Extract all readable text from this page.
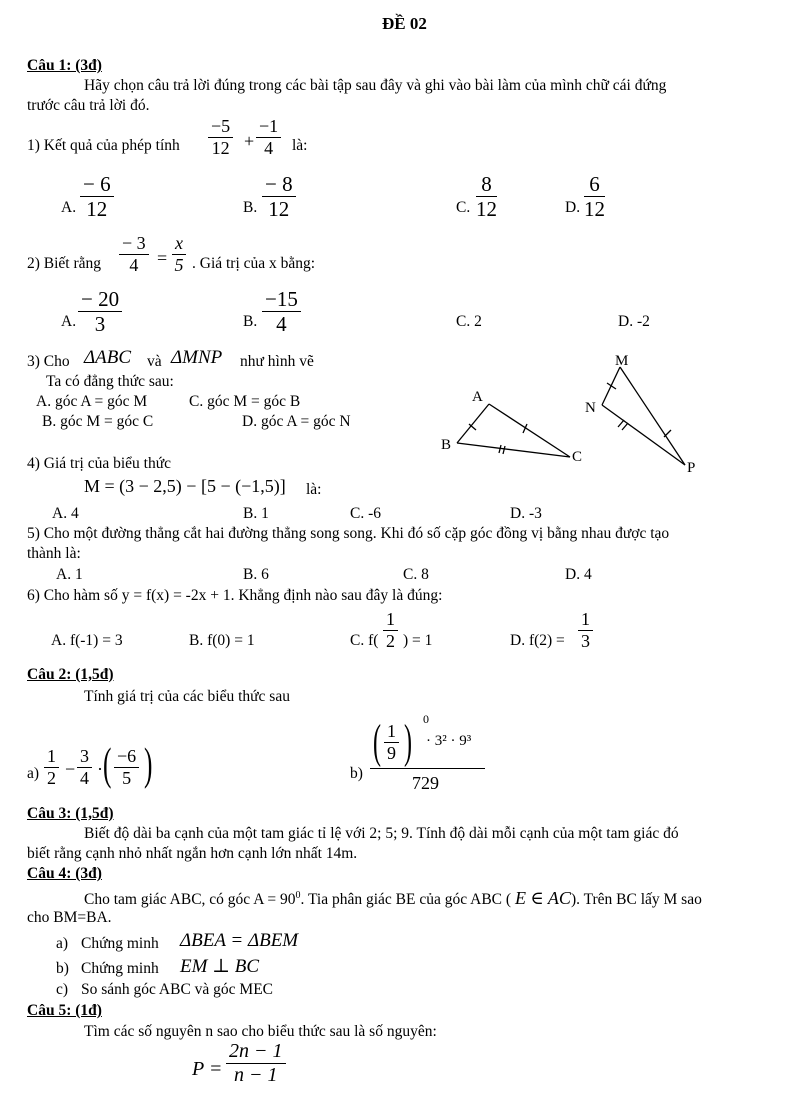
ĐỀ 02
Câu 1: (3đ)
Hãy chọn câu trả lời đúng trong các bài tập sau đây và ghi vào bài làm của mình chữ cái đứng
trước câu trả lời đó.
1) Kết quả của phép tính $\frac{-5}{12} + \frac{-1}{4}$ là:
A. $\frac{- 6}{12}$	B. $\frac{- 8}{12}$	C. $\frac{8}{12}$	D. $\frac{6}{12}$
2) Biết rằng $\frac{- 3}{4} = \frac{x}{5}$ . Giá trị của x bằng:
A. $\frac{- 20}{3}$	B. $\frac{-15}{4}$	C. 2	D. -2
3) Cho ΔABC và ΔMNP như hình vẽ
Ta có đẳng thức sau:
A. góc A = góc M	C. góc M = góc B
B. góc M = góc C	D. góc A = góc N
A
B
C
M
N
P
4) Giá trị của biểu thức
M = (3 − 2,5) − [5 − (−1,5)] là:
A. 4	B. 1	C. -6	D. -3
5) Cho một đường thẳng cắt hai đường thẳng song song. Khi đó số cặp góc đồng vị bằng nhau được tạo
thành là:
A. 1	B. 6	C. 8	D. 4
6) Cho hàm số y = f(x) = -2x + 1. Khẳng định nào sau đây là đúng:
A. f(-1) = 3	B. f(0) = 1	C. $f( \frac{1}{2}$ ) = 1	D. $f(2) = \frac{1}{3}$
Câu 2: (1,5đ)
Tính giá trị của các biểu thức sau
$a) \frac{1}{2} - \frac{3}{4}$ · ( $\frac{-6}{5}$ )	b)
( $\frac{1}{9}$ ) 0
· 3² · 9³
729
Câu 3: (1,5đ)
Biết độ dài ba cạnh của một tam giác tỉ lệ với 2; 5; 9. Tính độ dài mỗi cạnh của một tam giác đó
biết rằng cạnh nhỏ nhất ngắn hơn cạnh lớn nhất 14m.
Câu 4: (3đ)
Cho tam giác ABC, có góc $A = 90^0$. Tia phân giác BE của góc ABC ( E ∈ AC). Trên BC lấy M sao
cho BM=BA.
a) Chứng minh ΔBEA = ΔBEM
b) Chứng minh EM ⊥ BC
c) So sánh góc ABC và góc MEC
Câu 5: (1đ)
Tìm các số nguyên n sao cho biểu thức sau là số nguyên:
$P = \frac{2n - 1}{n - 1}$
